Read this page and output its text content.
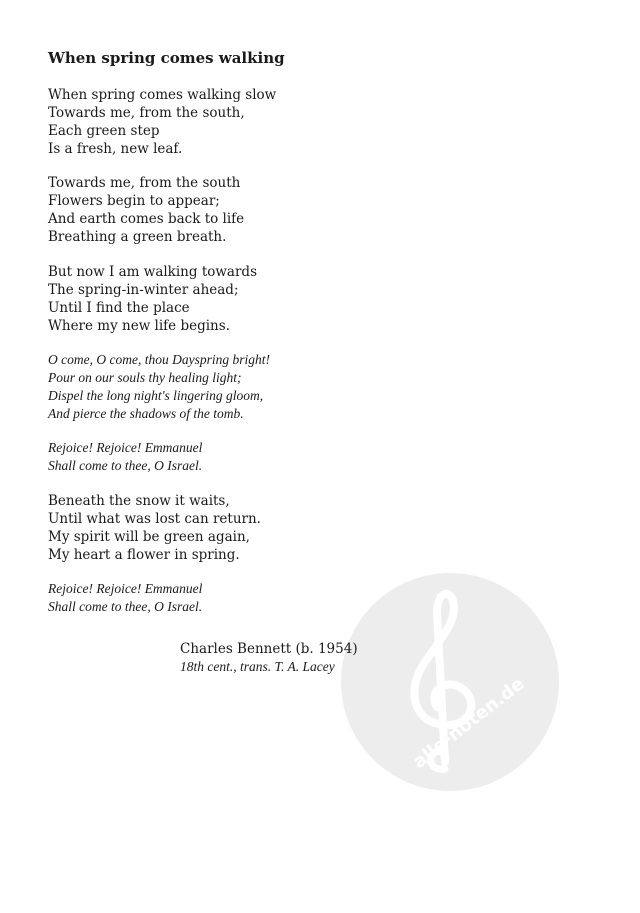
When spring comes walking
When spring comes walking slow
Towards me, from the south,
Each green step
Is a fresh, new leaf.
Towards me, from the south
Flowers begin to appear;
And earth comes back to life
Breathing a green breath.
But now I am walking towards
The spring-in-winter ahead;
Until I find the place
Where my new life begins.
O come, O come, thou Dayspring bright!
Pour on our souls thy healing light;
Dispel the long night's lingering gloom,
And pierce the shadows of the tomb.
Rejoice! Rejoice! Emmanuel
Shall come to thee, O Israel.
Beneath the snow it waits,
Until what was lost can return.
My spirit will be green again,
My heart a flower in spring.
Rejoice! Rejoice! Emmanuel
Shall come to thee, O Israel.
alle-noten.de
Charles Bennett (b. 1954)
18th cent., trans. T. A. Lacey
